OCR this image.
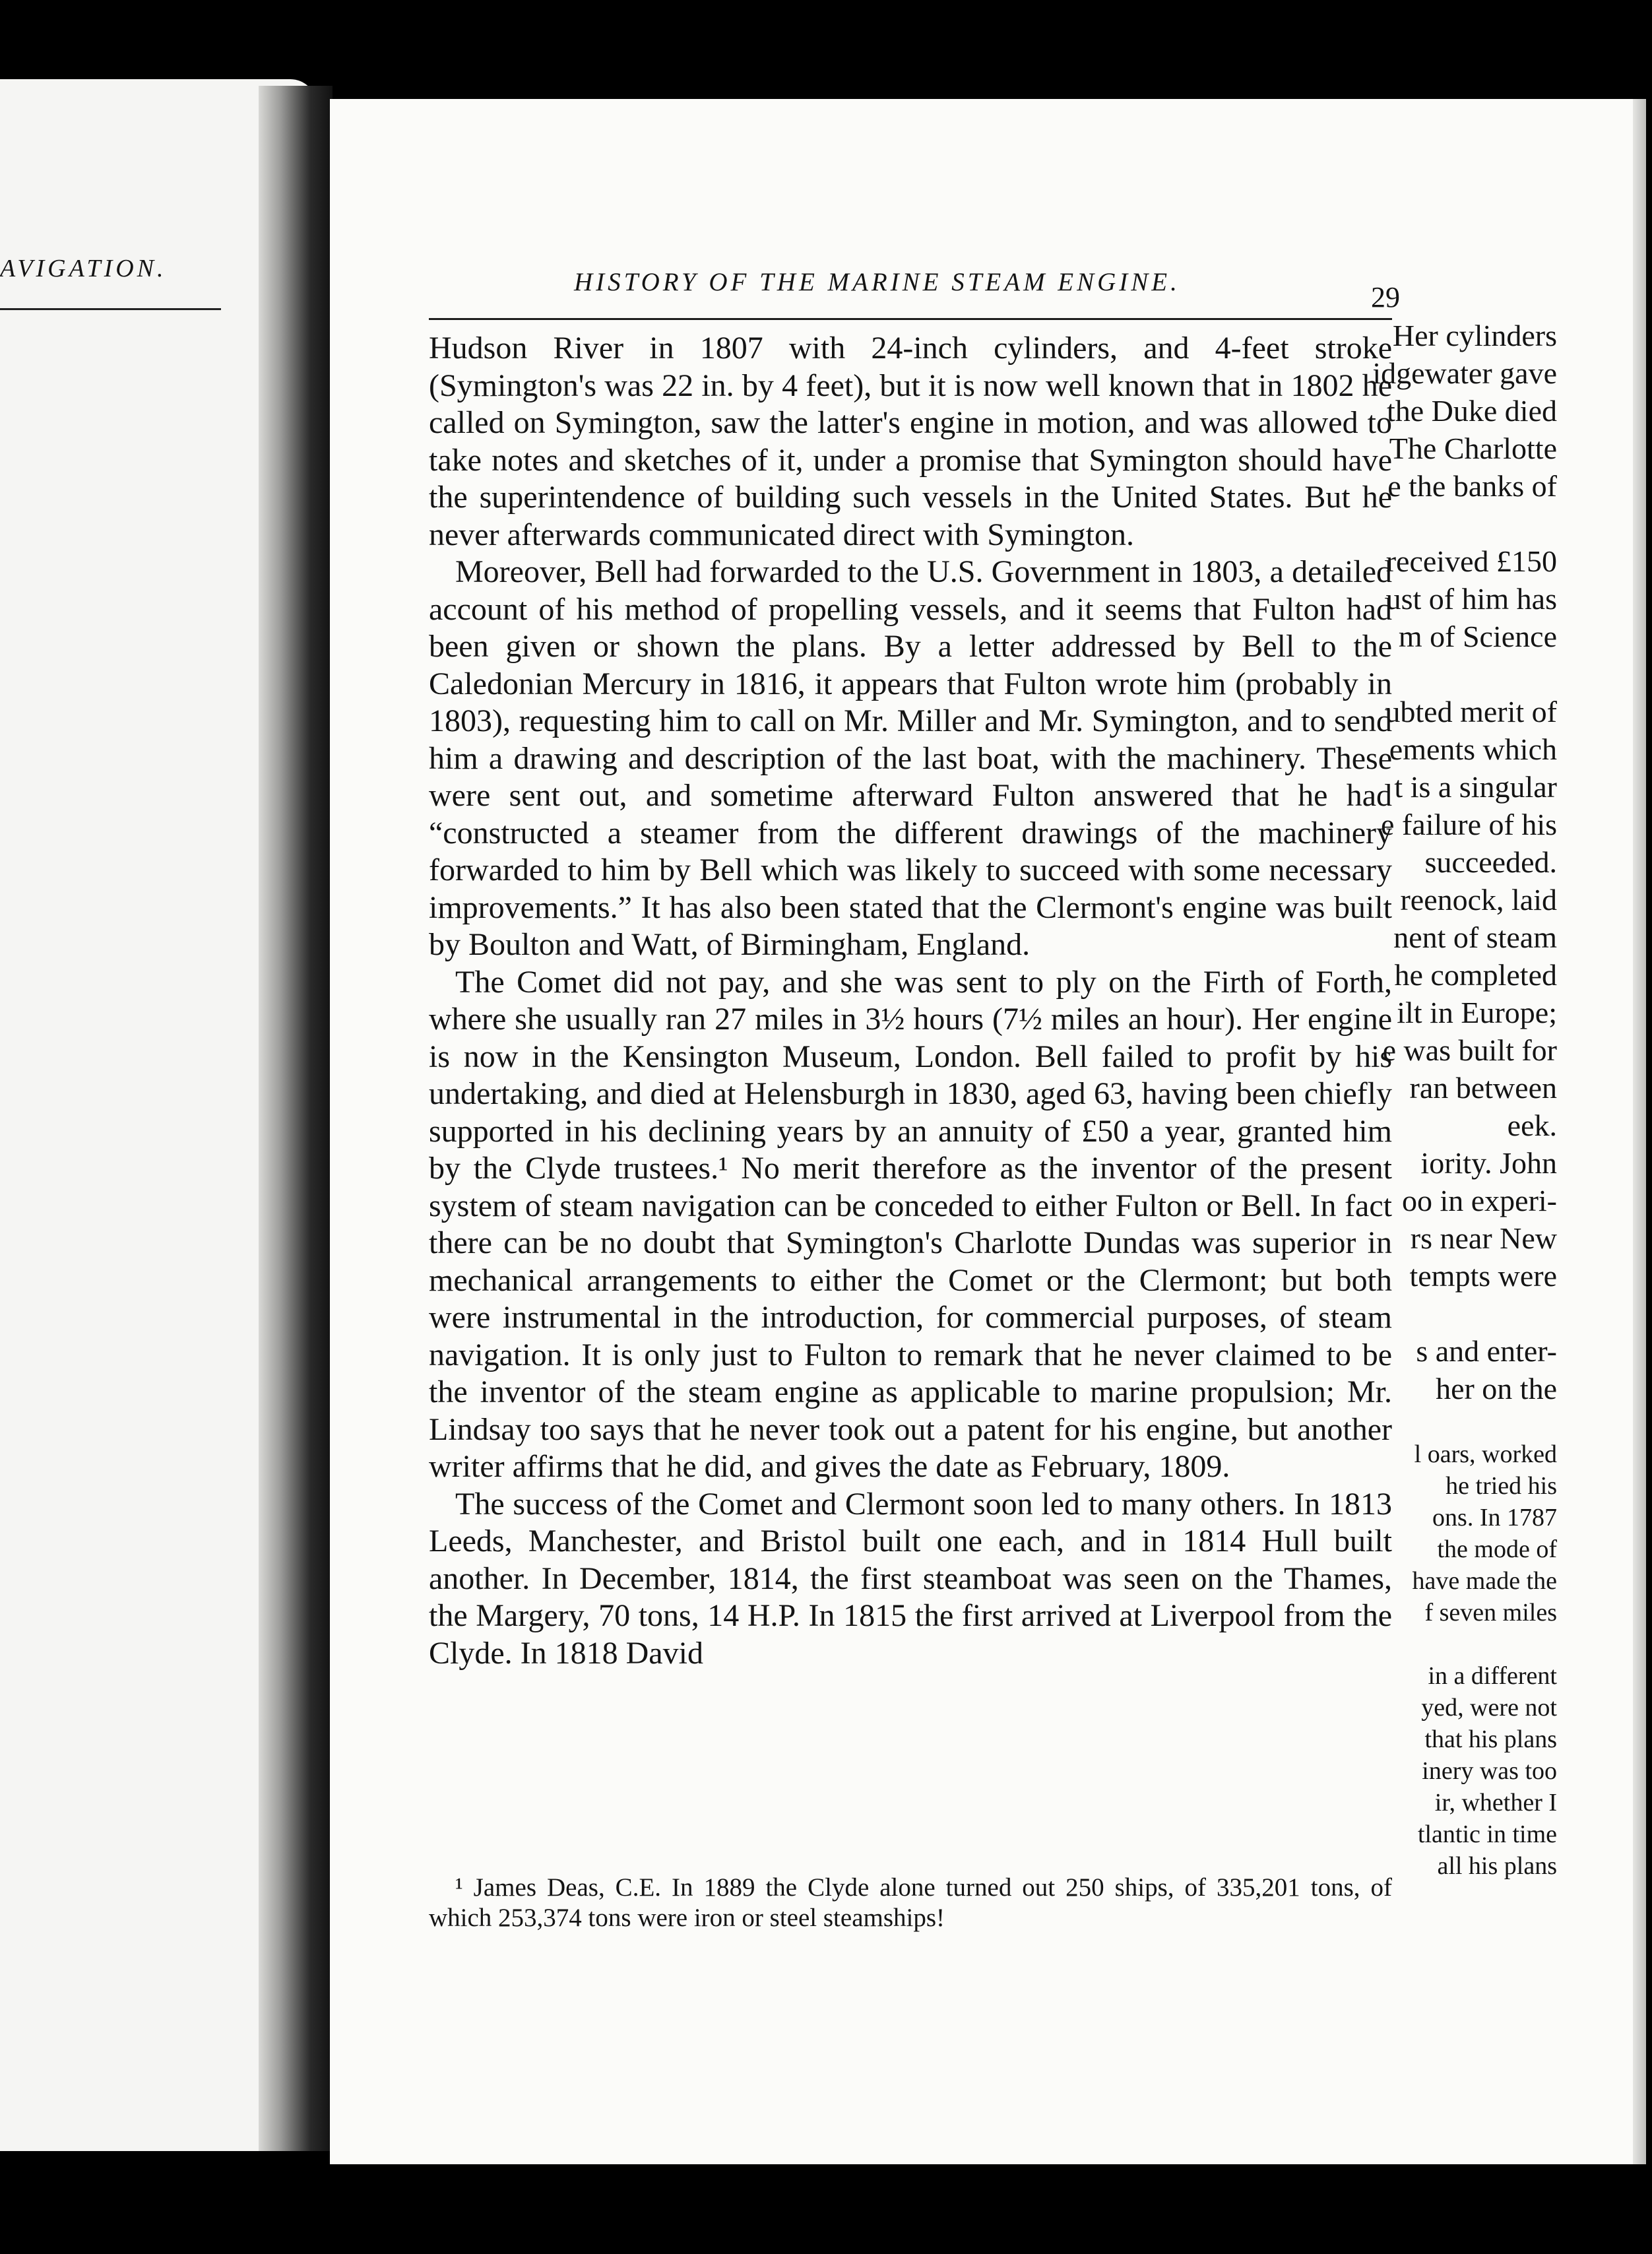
AVIGATION.
Her cylinders
idgewater gave
the Duke died
The Charlotte
e the banks of

received £150
ust of him has
m of Science

ubted merit of
ements which
t is a singular
e failure of his
succeeded.
reenock, laid
nent of steam
he completed
ilt in Europe;
e was built for
ran between
eek.
iority. John
oo in experi-
rs near New
tempts were

s and enter-
her on the
l oars, worked
he tried his
ons. In 1787
the mode of
have made the
f seven miles

in a different
yed, were not
that his plans
inery was too
ir, whether I
tlantic in time
all his plans
HISTORY OF THE MARINE STEAM ENGINE.	29

Hudson River in 1807 with 24-inch cylinders, and 4-feet stroke (Symington's was 22 in. by 4 feet), but it is now well known that in 1802 he called on Symington, saw the latter's engine in motion, and was allowed to take notes and sketches of it, under a promise that Symington should have the superintendence of building such vessels in the United States. But he never afterwards communicated direct with Symington.

Moreover, Bell had forwarded to the U.S. Government in 1803, a detailed account of his method of propelling vessels, and it seems that Fulton had been given or shown the plans. By a letter addressed by Bell to the Caledonian Mercury in 1816, it appears that Fulton wrote him (probably in 1803), requesting him to call on Mr. Miller and Mr. Symington, and to send him a drawing and description of the last boat, with the machinery. These were sent out, and sometime afterward Fulton answered that he had “constructed a steamer from the different drawings of the machinery forwarded to him by Bell which was likely to succeed with some necessary improvements.” It has also been stated that the Clermont's engine was built by Boulton and Watt, of Birmingham, England.

The Comet did not pay, and she was sent to ply on the Firth of Forth, where she usually ran 27 miles in 3½ hours (7½ miles an hour). Her engine is now in the Kensington Museum, London. Bell failed to profit by his undertaking, and died at Helensburgh in 1830, aged 63, having been chiefly supported in his declining years by an annuity of £50 a year, granted him by the Clyde trustees.¹ No merit therefore as the inventor of the present system of steam navigation can be conceded to either Fulton or Bell. In fact there can be no doubt that Symington's Charlotte Dundas was superior in mechanical arrangements to either the Comet or the Clermont; but both were instrumental in the introduction, for commercial purposes, of steam navigation. It is only just to Fulton to remark that he never claimed to be the inventor of the steam engine as applicable to marine propulsion; Mr. Lindsay too says that he never took out a patent for his engine, but another writer affirms that he did, and gives the date as February, 1809.

The success of the Comet and Clermont soon led to many others. In 1813 Leeds, Manchester, and Bristol built one each, and in 1814 Hull built another. In December, 1814, the first steamboat was seen on the Thames, the Margery, 70 tons, 14 H.P. In 1815 the first arrived at Liverpool from the Clyde. In 1818 David

¹ James Deas, C.E. In 1889 the Clyde alone turned out 250 ships, of 335,201 tons, of which 253,374 tons were iron or steel steamships!
